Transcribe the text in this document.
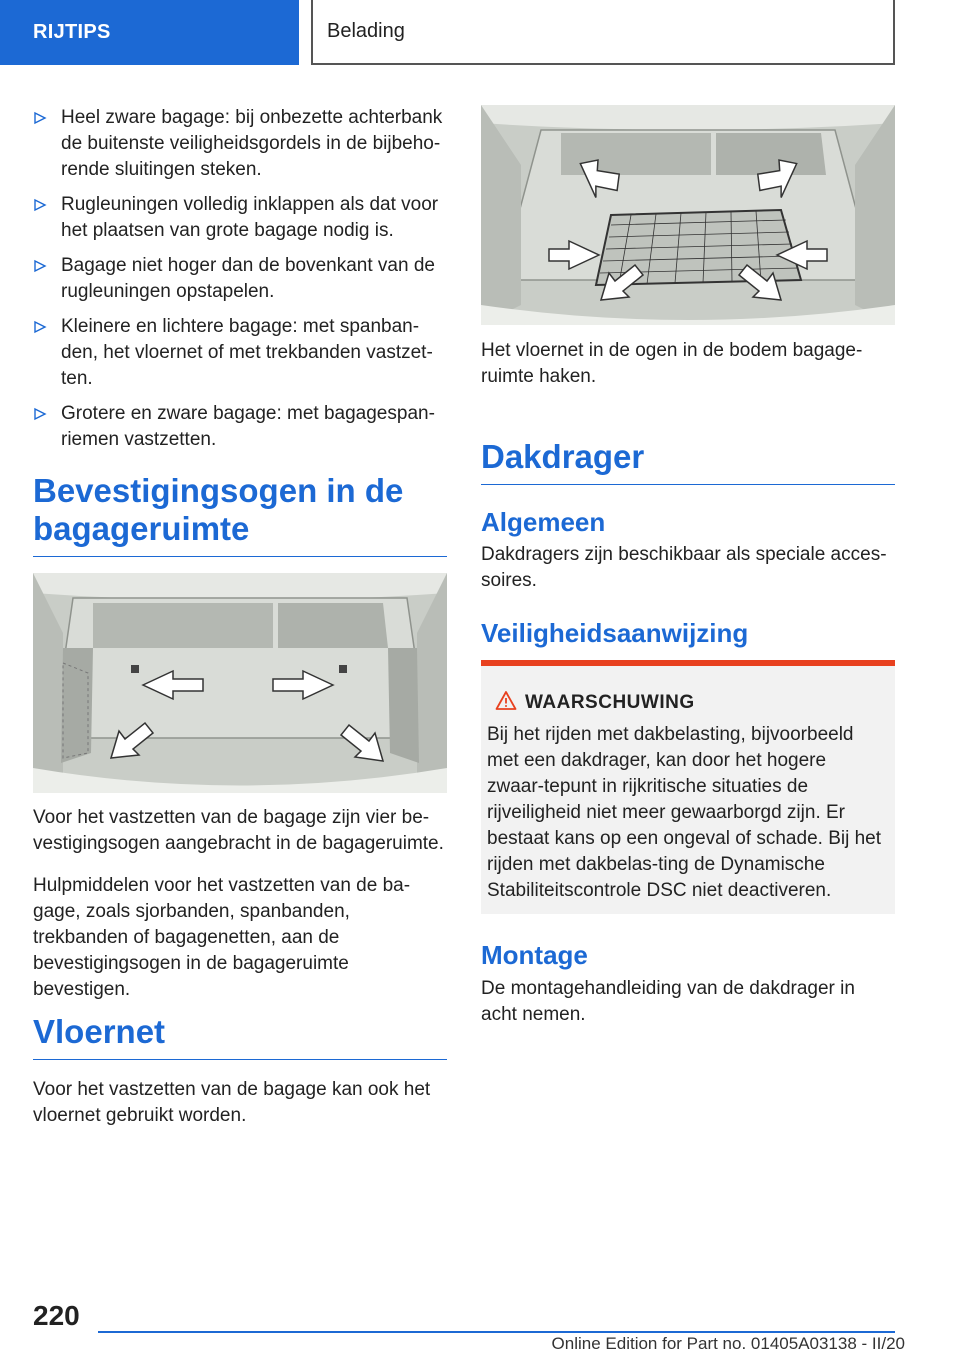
RIJTIPS	Belading
Heel zware bagage: bij onbezette achterbank de buitenste veiligheidsgordels in de bijbeho-rende sluitingen steken.
Rugleuningen volledig inklappen als dat voor het plaatsen van grote bagage nodig is.
Bagage niet hoger dan de bovenkant van de rugleuningen opstapelen.
Kleinere en lichtere bagage: met spanban-den, het vloernet of met trekbanden vastzet-ten.
Grotere en zware bagage: met bagagespan-riemen vastzetten.
Bevestigingsogen in de bagageruimte
Voor het vastzetten van de bagage zijn vier be-vestigingsogen aangebracht in de bagageruimte.
Hulpmiddelen voor het vastzetten van de ba-gage, zoals sjorbanden, spanbanden, trekbanden of bagagenetten, aan de bevestigingsogen in de bagageruimte bevestigen.
Vloernet
Voor het vastzetten van de bagage kan ook het vloernet gebruikt worden.
Het vloernet in de ogen in de bodem bagage-ruimte haken.
Dakdrager
Algemeen
Dakdragers zijn beschikbaar als speciale acces-soires.
Veiligheidsaanwijzing
WAARSCHUWING
Bij het rijden met dakbelasting, bijvoorbeeld met een dakdrager, kan door het hogere zwaar-tepunt in rijkritische situaties de rijveiligheid niet meer gewaarborgd zijn. Er bestaat kans op een ongeval of schade. Bij het rijden met dakbelas-ting de Dynamische Stabiliteitscontrole DSC niet deactiveren.
Montage
De montagehandleiding van de dakdrager in acht nemen.
220
Online Edition for Part no. 01405A03138 - II/20
